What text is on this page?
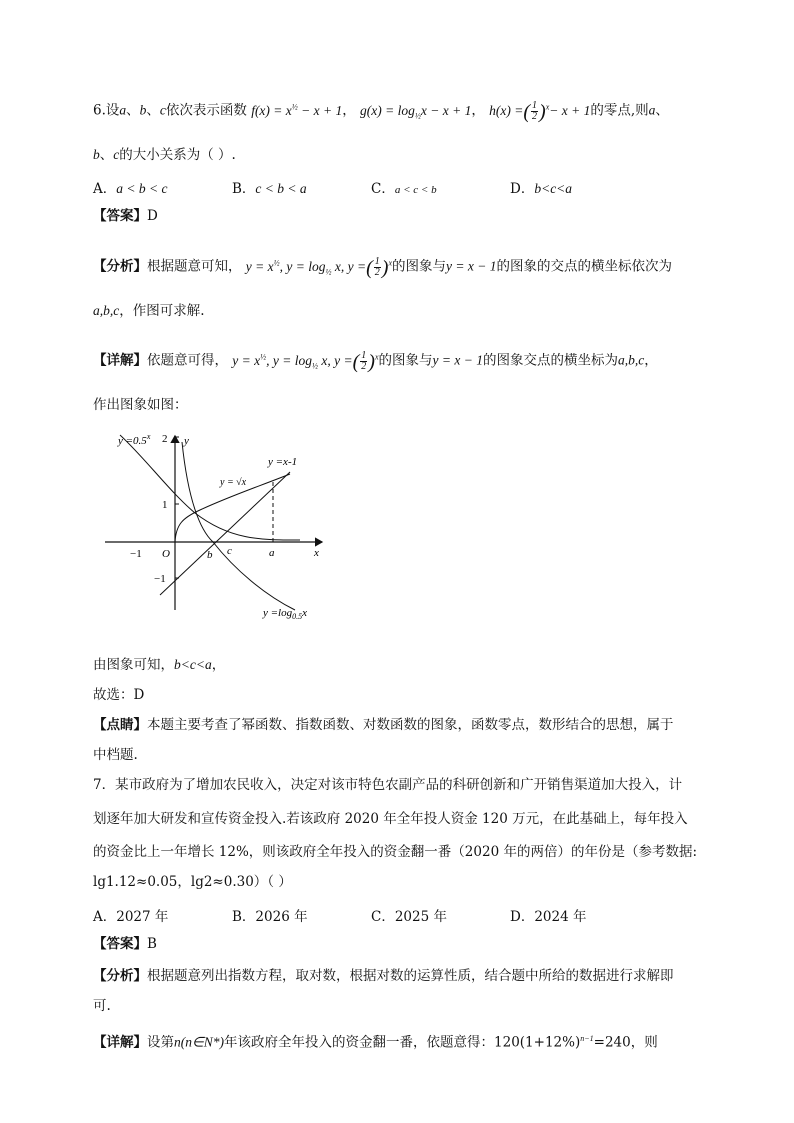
6.设a、b、c依次表示函数 $f(x) = x^{\frac{1}{2}} - x + 1$， $g(x) = \log_{\frac{1}{2}}x - x + 1$， h(x) =( $\frac{1}{2} )^x- x + 1$的零点,则a、
b、c的大小关系为（ ）.
A．a < b < c	B．c < b < a	C．a < c < b	D．b<c<a
【答案】D
【分析】根据题意可知， $y = x^{\frac{1}{2}}$, $y = \log_{\frac{1}{2}} x$, y =( $\frac{1}{2} )^x$的图象与y = x − 1的图象的交点的横坐标依次为
a,b,c，作图可求解.
【详解】依题意可得， $y = x^{\frac{1}{2}}$, $y = \log_{\frac{1}{2}} x$, y =( $\frac{1}{2} )^x$的图象与y = x − 1的图象交点的横坐标为a,b,c，
作出图象如图：
$y =0.5^x$	y
y =x-1
y = √x
2
1
−1
−1 O	b c	a	x
$y =\log_{0.5}x$
由图象可知，b<c<a，
故选：D
【点睛】本题主要考查了幂函数、指数函数、对数函数的图象，函数零点，数形结合的思想，属于
中档题.
7．某市政府为了增加农民收入，决定对该市特色农副产品的科研创新和广开销售渠道加大投入，计
划逐年加大研发和宣传资金投入.若该政府 2020 年全年投人资金 120 万元，在此基础上，每年投入
的资金比上一年增长 12%，则该政府全年投入的资金翻一番（2020 年的两倍）的年份是（参考数据:
lg1.12≈0.05，lg2≈0.30）（ ）
A．2027 年	B．2026 年	C．2025 年	D．2024 年
【答案】B
【分析】根据题意列出指数方程，取对数，根据对数的运算性质，结合题中所给的数据进行求解即
可.
【详解】设第n(n∈N*)年该政府全年投入的资金翻一番，依题意得：$120(1+12\%)^{n-1}=240$，则
